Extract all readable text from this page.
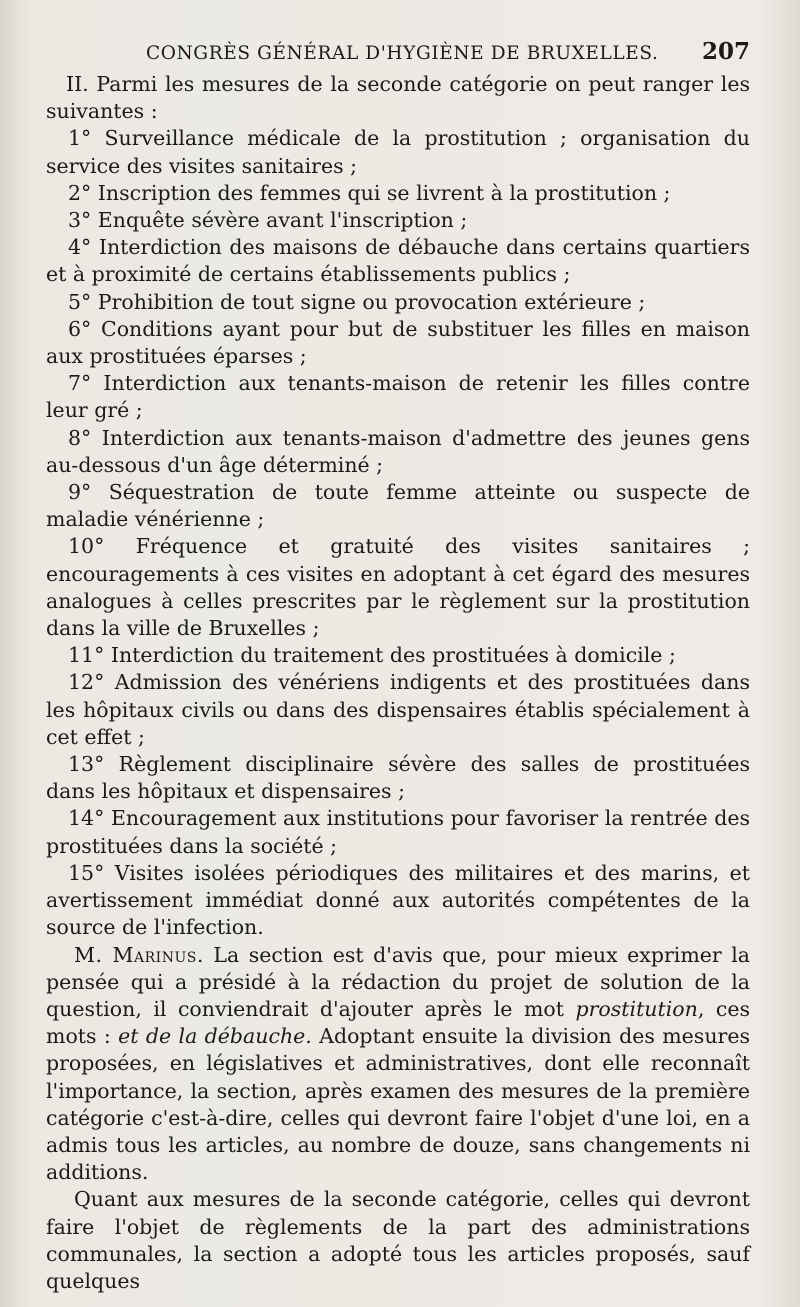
CONGRÈS GÉNÉRAL D'HYGIÈNE DE BRUXELLES. 207

II. Parmi les mesures de la seconde catégorie on peut ranger les suivantes :

1° Surveillance médicale de la prostitution ; organisation du service des visites sanitaires ;

2° Inscription des femmes qui se livrent à la prostitution ;

3° Enquête sévère avant l'inscription ;

4° Interdiction des maisons de débauche dans certains quartiers et à proximité de certains établissements publics ;

5° Prohibition de tout signe ou provocation extérieure ;

6° Conditions ayant pour but de substituer les filles en maison aux prostituées éparses ;

7° Interdiction aux tenants-maison de retenir les filles contre leur gré ;

8° Interdiction aux tenants-maison d'admettre des jeunes gens au-dessous d'un âge déterminé ;

9° Séquestration de toute femme atteinte ou suspecte de maladie vénérienne ;

10° Fréquence et gratuité des visites sanitaires ; encouragements à ces visites en adoptant à cet égard des mesures analogues à celles prescrites par le règlement sur la prostitution dans la ville de Bruxelles ;

11° Interdiction du traitement des prostituées à domicile ;

12° Admission des vénériens indigents et des prostituées dans les hôpitaux civils ou dans des dispensaires établis spécialement à cet effet ;

13° Règlement disciplinaire sévère des salles de prostituées dans les hôpitaux et dispensaires ;

14° Encouragement aux institutions pour favoriser la rentrée des prostituées dans la société ;

15° Visites isolées périodiques des militaires et des marins, et avertissement immédiat donné aux autorités compétentes de la source de l'infection.

M. Marinus. La section est d'avis que, pour mieux exprimer la pensée qui a présidé à la rédaction du projet de solution de la question, il conviendrait d'ajouter après le mot prostitution, ces mots : et de la débauche. Adoptant ensuite la division des mesures proposées, en législatives et administratives, dont elle reconnaît l'importance, la section, après examen des mesures de la première catégorie c'est-à-dire, celles qui devront faire l'objet d'une loi, en a admis tous les articles, au nombre de douze, sans changements ni additions.

Quant aux mesures de la seconde catégorie, celles qui devront faire l'objet de règlements de la part des administrations communales, la section a adopté tous les articles proposés, sauf quelques
